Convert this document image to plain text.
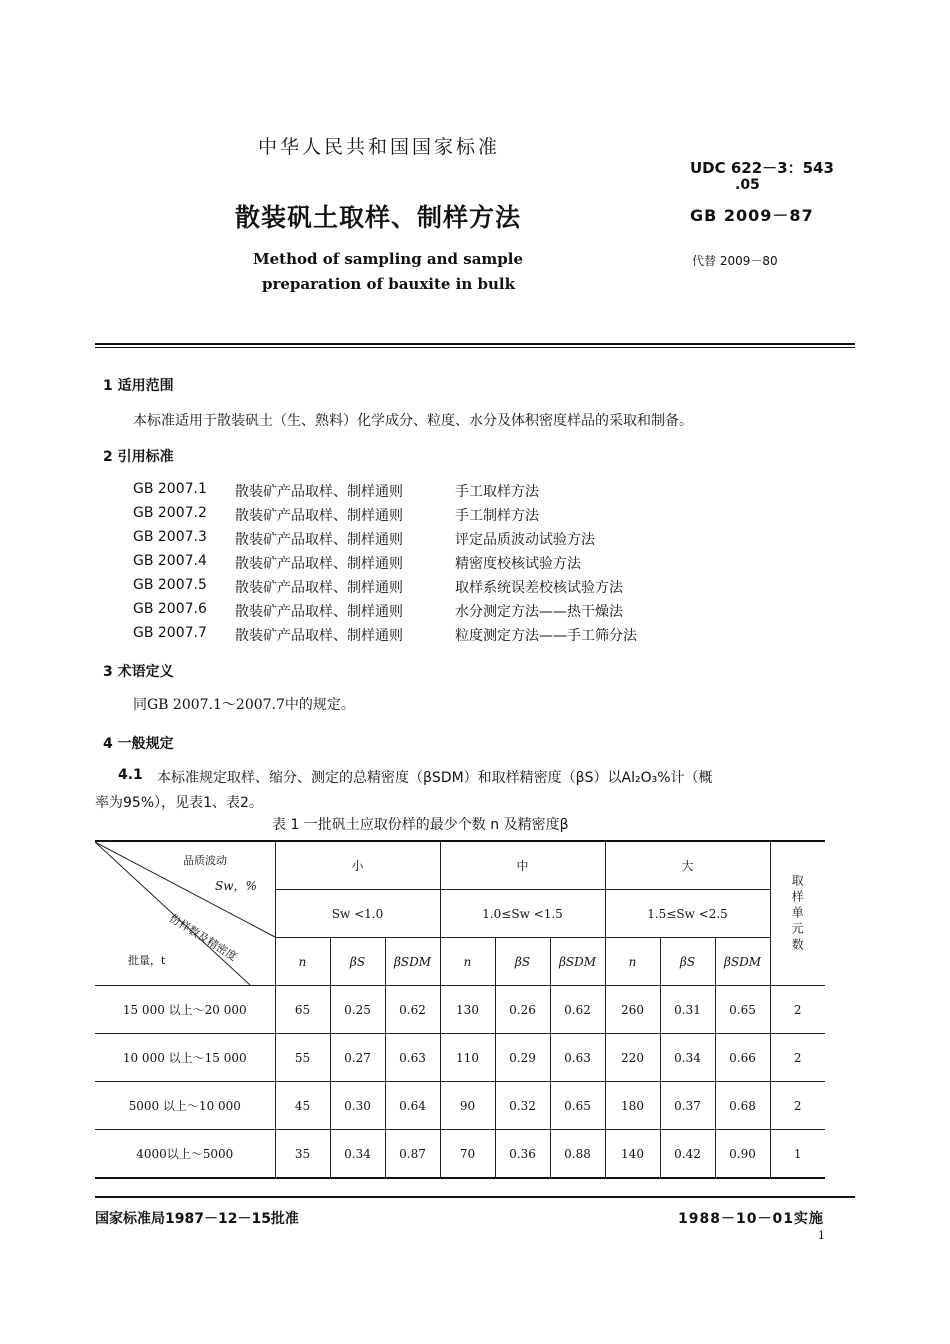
中华人民共和国国家标准
散装矾土取样、制样方法
Method of sampling and sample
preparation of bauxite in bulk
UDC 622－3：543
.05
GB 2009－87
代替 2009－80
1 适用范围
本标准适用于散装矾土（生、熟料）化学成分、粒度、水分及体积密度样品的采取和制备。
2 引用标准
GB 2007.1 散装矿产品取样、制样通则	手工取样方法
GB 2007.2 散装矿产品取样、制样通则	手工制样方法
GB 2007.3 散装矿产品取样、制样通则	评定品质波动试验方法
GB 2007.4 散装矿产品取样、制样通则	精密度校核试验方法
GB 2007.5 散装矿产品取样、制样通则	取样系统误差校核试验方法
GB 2007.6 散装矿产品取样、制样通则	水分测定方法——热干燥法
GB 2007.7 散装矿产品取样、制样通则	粒度测定方法——手工筛分法
3 术语定义
同GB 2007.1～2007.7中的规定。
4 一般规定
4.1 本标准规定取样、缩分、测定的总精密度（βSDM）和取样精密度（βS）以Al₂O₃%计（概
率为95%），见表1、表2。
表 1 一批矾土应取份样的最少个数 n 及精密度β
品质波动
Sw，%
份样数及精密度
批量，t	小			中			大			取样单元数
	Sw <1.0			1.0≤Sw <1.5			1.5≤Sw <2.5			
	n	βS	βSDM	n	βS	βSDM	n	βS	βSDM	
15 000 以上～20 000	65	0.25	0.62	130	0.26	0.62	260	0.31	0.65	2
10 000 以上～15 000	55	0.27	0.63	110	0.29	0.63	220	0.34	0.66	2
5000 以上～10 000	45	0.30	0.64	90	0.32	0.65	180	0.37	0.68	2
4000以上～5000	35	0.34	0.87	70	0.36	0.88	140	0.42	0.90	1
国家标准局1987－12－15批准	1988－10－01实施
1
